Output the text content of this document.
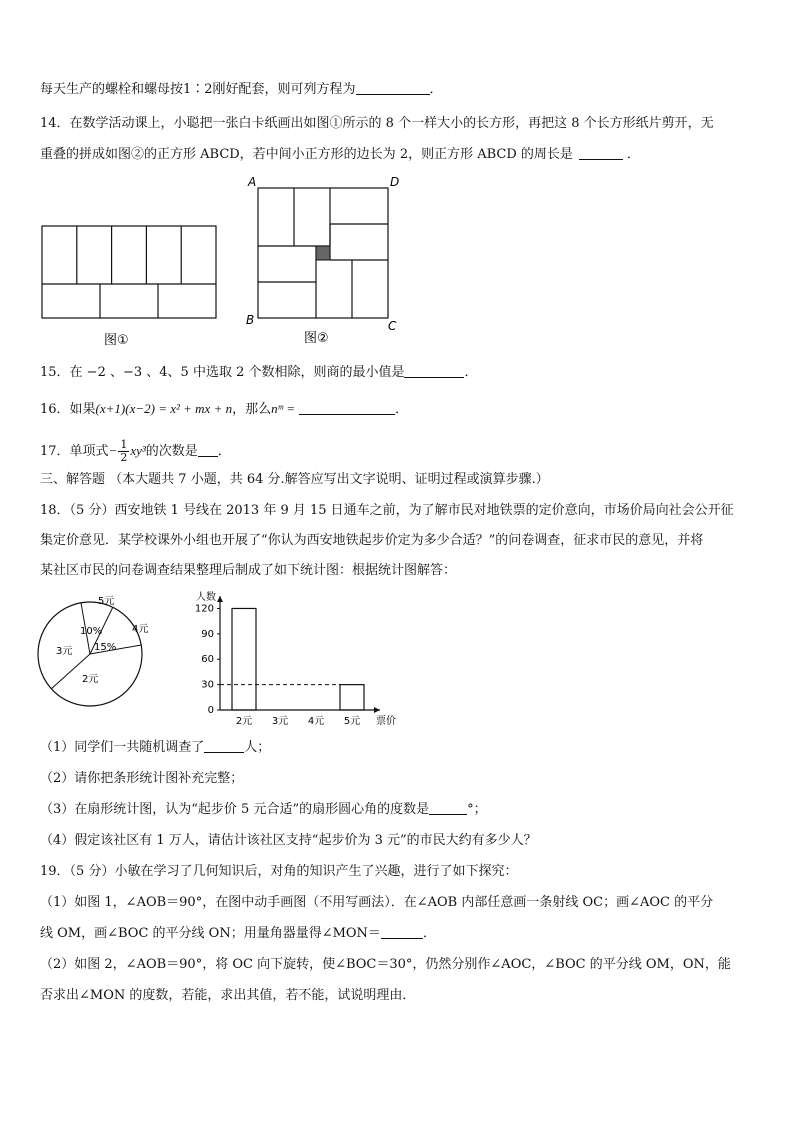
每天生产的螺栓和螺母按1∶2刚好配套，则可列方程为	．
14．在数学活动课上，小聪把一张白卡纸画出如图①所示的 8 个一样大小的长方形，再把这 8 个长方形纸片剪开，无
重叠的拼成如图②的正方形 ABCD，若中间小正方形的边长为 2，则正方形 ABCD 的周长是	．
图①
A	D
B	C
图②
15．在 −2 、−3 、4、5 中选取 2 个数相除，则商的最小值是	．
16．如果(x+1)(x−2) = x² + mx + n，那么nᵐ =	．
17．单项式− $\frac{1}{2} xy^3$的次数是 ．
三、解答题 （本大题共 7 小题，共 64 分.解答应写出文字说明、证明过程或演算步骤.）
18．（5 分）西安地铁 1 号线在 2013 年 9 月 15 日通车之前，为了解市民对地铁票的定价意向，市场价局向社会公开征
集定价意见．某学校课外小组也开展了“你认为西安地铁起步价定为多少合适？”的问卷调查，征求市民的意见，并将
某社区市民的问卷调查结果整理后制成了如下统计图：根据统计图解答：
5元
4元
3元
2元
10%
15%
0
30
60
90
120
人数
票价
2元 3元 4元 5元
（1）同学们一共随机调查了	人；
（2）请你把条形统计图补充完整；
（3）在扇形统计图，认为“起步价 5 元合适”的扇形圆心角的度数是	°；
（4）假定该社区有 1 万人，请估计该社区支持“起步价为 3 元”的市民大约有多少人？
19．（5 分）小敏在学习了几何知识后，对角的知识产生了兴趣，进行了如下探究：
（1）如图 1，∠AOB＝90°，在图中动手画图（不用写画法）．在∠AOB 内部任意画一条射线 OC；画∠AOC 的平分
线 OM，画∠BOC 的平分线 ON；用量角器量得∠MON＝	．
（2）如图 2，∠AOB＝90°，将 OC 向下旋转，使∠BOC＝30°，仍然分别作∠AOC，∠BOC 的平分线 OM，ON，能
否求出∠MON 的度数，若能，求出其值，若不能，试说明理由．
